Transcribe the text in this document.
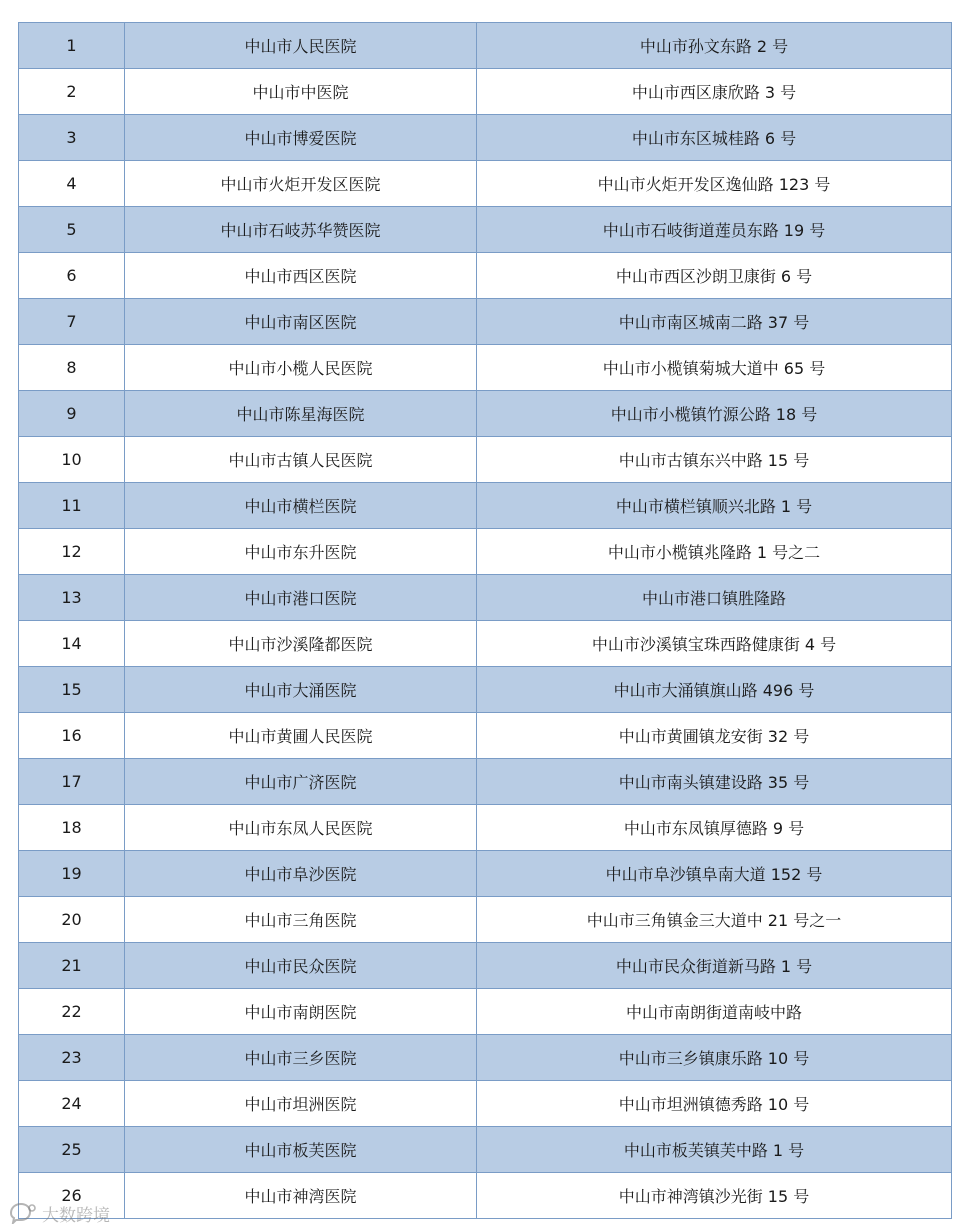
1	中山市人民医院	中山市孙文东路 2 号
2	中山市中医院	中山市西区康欣路 3 号
3	中山市博爱医院	中山市东区城桂路 6 号
4	中山市火炬开发区医院	中山市火炬开发区逸仙路 123 号
5	中山市石岐苏华赞医院	中山市石岐街道莲员东路 19 号
6	中山市西区医院	中山市西区沙朗卫康街 6 号
7	中山市南区医院	中山市南区城南二路 37 号
8	中山市小榄人民医院	中山市小榄镇菊城大道中 65 号
9	中山市陈星海医院	中山市小榄镇竹源公路 18 号
10	中山市古镇人民医院	中山市古镇东兴中路 15 号
11	中山市横栏医院	中山市横栏镇顺兴北路 1 号
12	中山市东升医院	中山市小榄镇兆隆路 1 号之二
13	中山市港口医院	中山市港口镇胜隆路
14	中山市沙溪隆都医院	中山市沙溪镇宝珠西路健康街 4 号
15	中山市大涌医院	中山市大涌镇旗山路 496 号
16	中山市黄圃人民医院	中山市黄圃镇龙安街 32 号
17	中山市广济医院	中山市南头镇建设路 35 号
18	中山市东凤人民医院	中山市东凤镇厚德路 9 号
19	中山市阜沙医院	中山市阜沙镇阜南大道 152 号
20	中山市三角医院	中山市三角镇金三大道中 21 号之一
21	中山市民众医院	中山市民众街道新马路 1 号
22	中山市南朗医院	中山市南朗街道南岐中路
23	中山市三乡医院	中山市三乡镇康乐路 10 号
24	中山市坦洲医院	中山市坦洲镇德秀路 10 号
25	中山市板芙医院	中山市板芙镇芙中路 1 号
26	中山市神湾医院	中山市神湾镇沙光街 15 号
大数跨境
